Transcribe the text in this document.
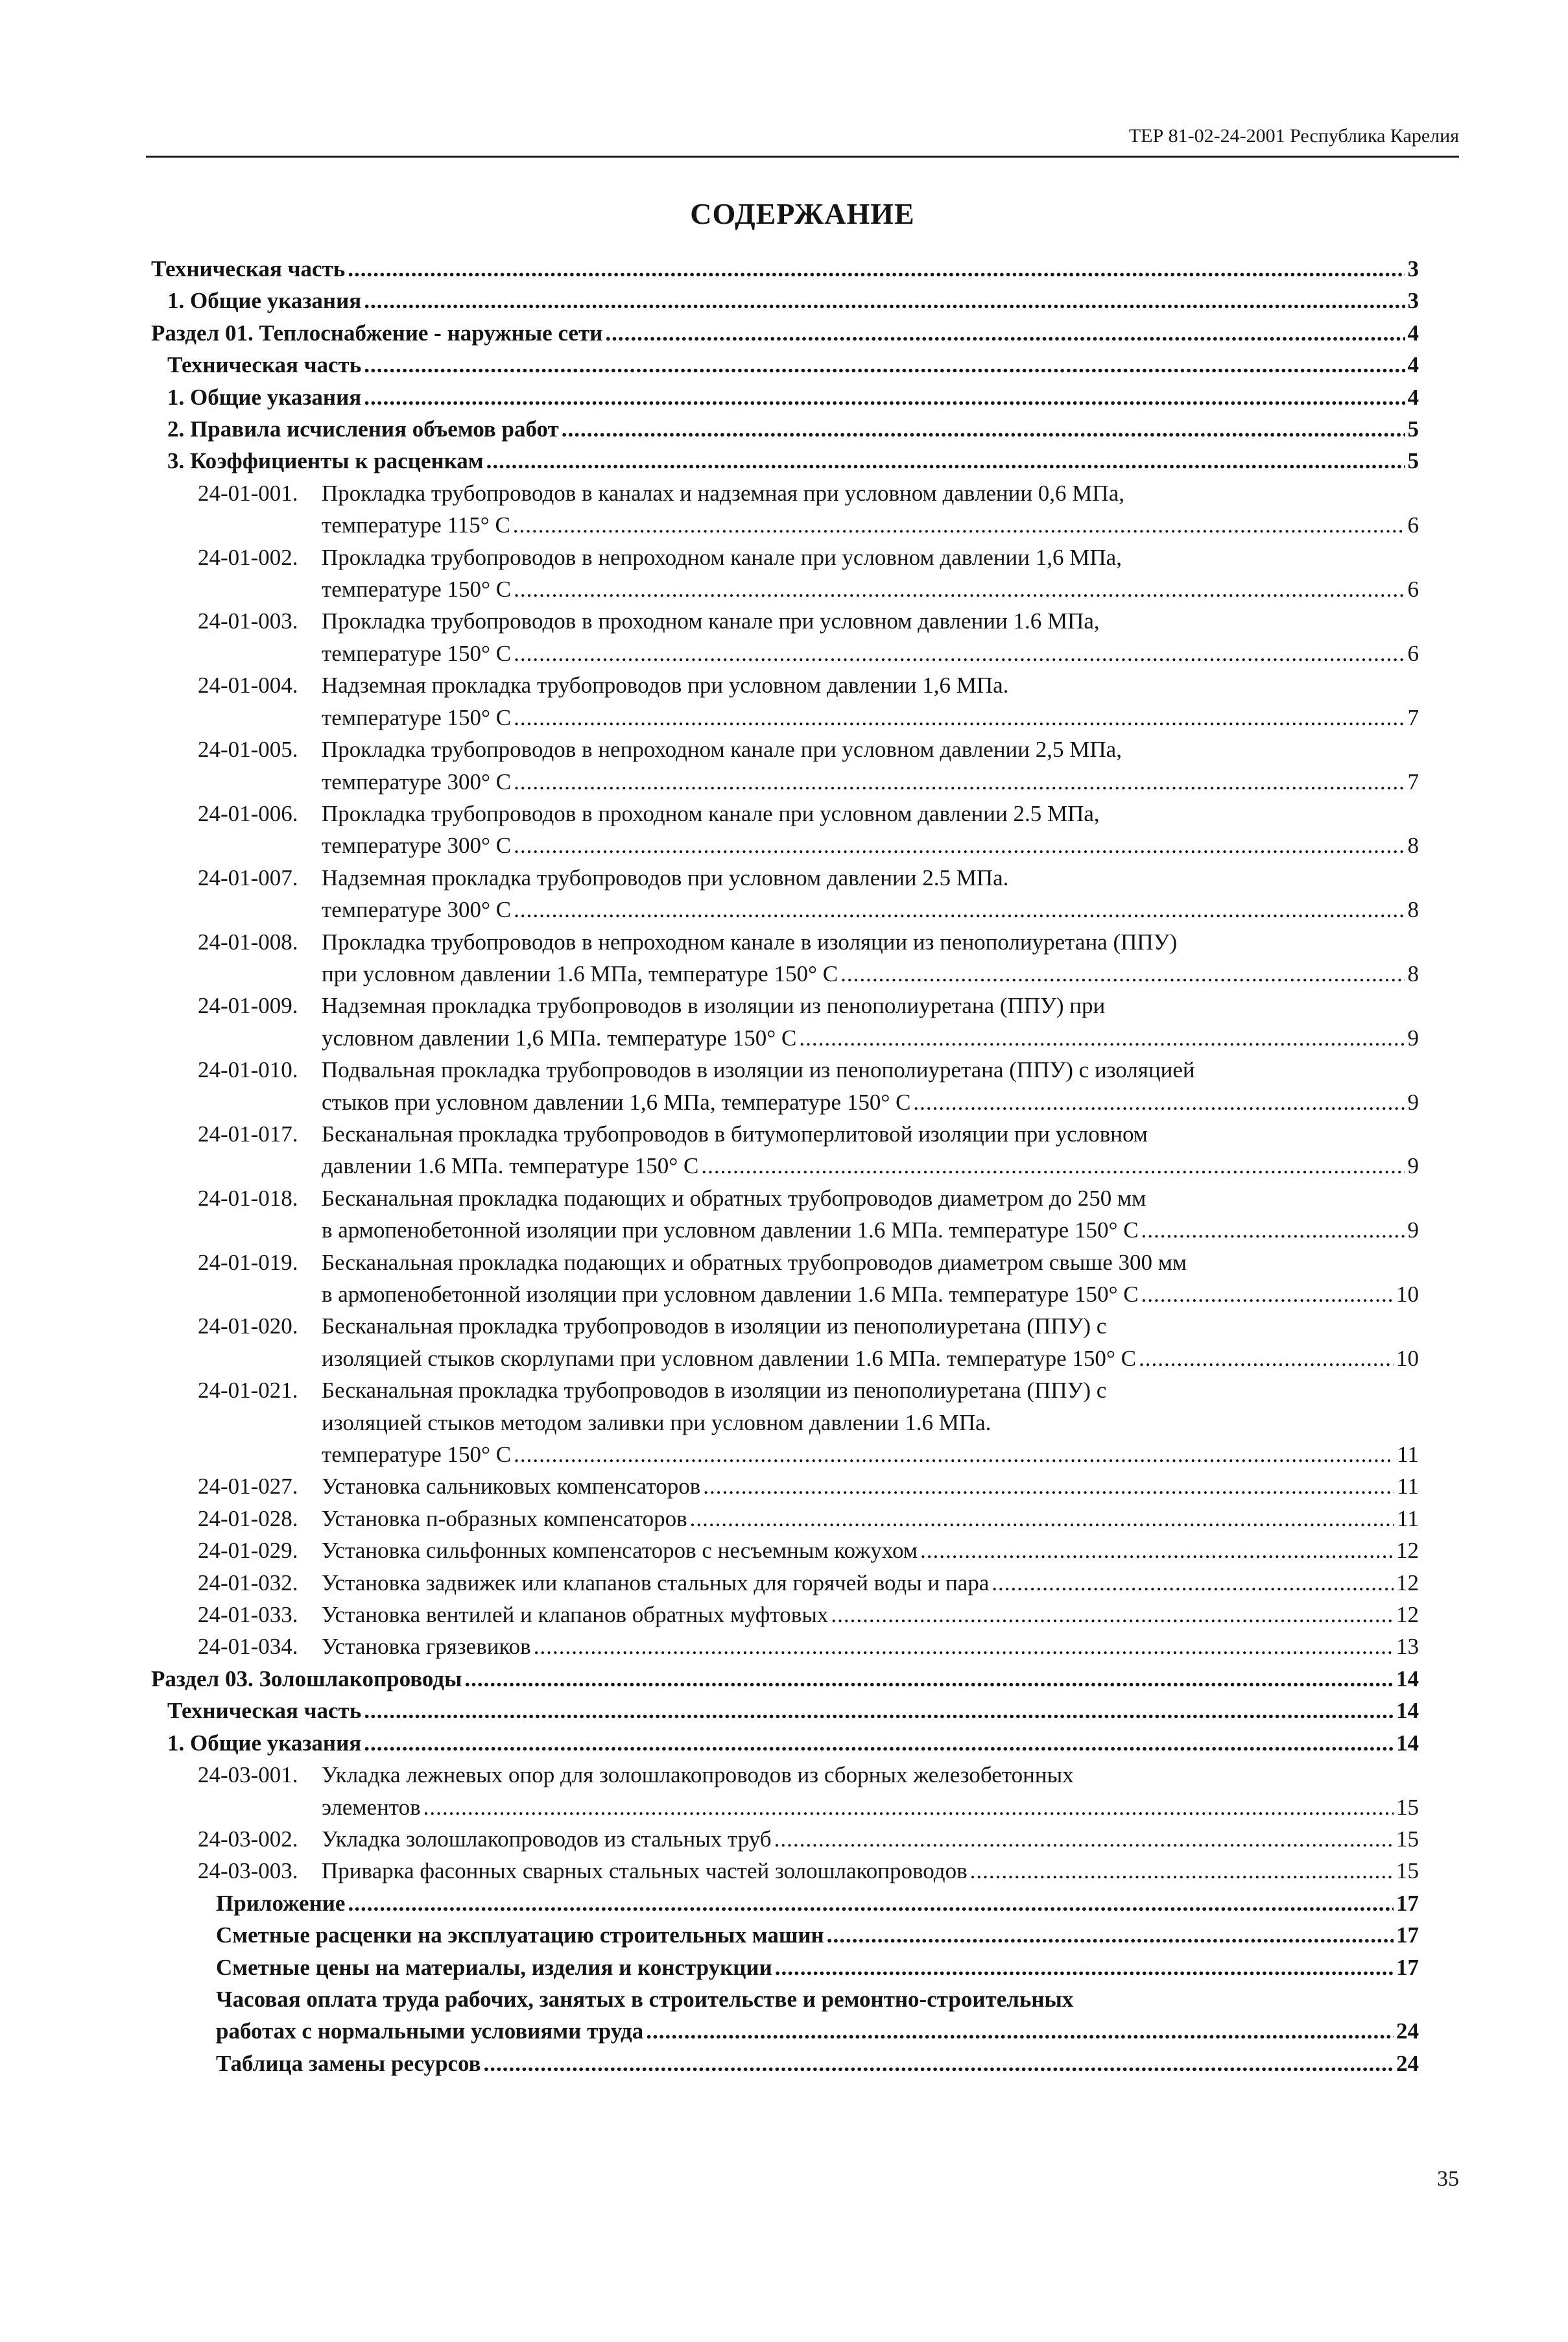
ТЕР 81-02-24-2001 Республика Карелия
СОДЕРЖАНИЕ
Техническая часть .....	3
1. Общие указания .....	3
Раздел 01. Теплоснабжение - наружные сети .....	4
Техническая часть .....	4
1. Общие указания .....	4
2. Правила исчисления объемов работ .....	5
3. Коэффициенты к расценкам .....	5
24-01-001.	Прокладка трубопроводов в каналах и надземная при условном давлении 0,6 МПа,
температуре 115° С .....	6
24-01-002.	Прокладка трубопроводов в непроходном канале при условном давлении 1,6 МПа,
температуре 150° С .....	6
24-01-003.	Прокладка трубопроводов в проходном канале при условном давлении 1.6 МПа,
температуре 150° С .....	6
24-01-004.	Надземная прокладка трубопроводов при условном давлении 1,6 МПа.
температуре 150° С .....	7
24-01-005.	Прокладка трубопроводов в непроходном канале при условном давлении 2,5 МПа,
температуре 300° С .....	7
24-01-006.	Прокладка трубопроводов в проходном канале при условном давлении 2.5 МПа,
температуре 300° С .....	8
24-01-007.	Надземная прокладка трубопроводов при условном давлении 2.5 МПа.
температуре 300° С .....	8
24-01-008.	Прокладка трубопроводов в непроходном канале в изоляции из пенополиуретана (ППУ)
при условном давлении 1.6 МПа, температуре 150° С .....	8
24-01-009.	Надземная прокладка трубопроводов в изоляции из пенополиуретана (ППУ) при
условном давлении 1,6 МПа. температуре 150° С .....	9
24-01-010.	Подвальная прокладка трубопроводов в изоляции из пенополиуретана (ППУ) с изоляцией
стыков при условном давлении 1,6 МПа, температуре 150° С .....	9
24-01-017.	Бесканальная прокладка трубопроводов в битумоперлитовой изоляции при условном
давлении 1.6 МПа. температуре 150° С .....	9
24-01-018.	Бесканальная прокладка подающих и обратных трубопроводов диаметром до 250 мм
в армопенобетонной изоляции при условном давлении 1.6 МПа. температуре 150° С .....	9
24-01-019.	Бесканальная прокладка подающих и обратных трубопроводов диаметром свыше 300 мм
в армопенобетонной изоляции при условном давлении 1.6 МПа. температуре 150° С .....	10
24-01-020.	Бесканальная прокладка трубопроводов в изоляции из пенополиуретана (ППУ) с
изоляцией стыков скорлупами при условном давлении 1.6 МПа. температуре 150° С .....	10
24-01-021.	Бесканальная прокладка трубопроводов в изоляции из пенополиуретана (ППУ) с
изоляцией стыков методом заливки при условном давлении 1.6 МПа.
температуре 150° С .....	11
24-01-027.	Установка сальниковых компенсаторов .....	11
24-01-028.	Установка п-образных компенсаторов .....	11
24-01-029.	Установка сильфонных компенсаторов с несъемным кожухом .....	12
24-01-032.	Установка задвижек или клапанов стальных для горячей воды и пара .....	12
24-01-033.	Установка вентилей и клапанов обратных муфтовых .....	12
24-01-034.	Установка грязевиков .....	13
Раздел 03. Золошлакопроводы .....	14
Техническая часть .....	14
1. Общие указания .....	14
24-03-001.	Укладка лежневых опор для золошлакопроводов из сборных железобетонных
элементов .....	15
24-03-002.	Укладка золошлакопроводов из стальных труб .....	15
24-03-003.	Приварка фасонных сварных стальных частей золошлакопроводов .....	15
Приложение .....	17
Сметные расценки на эксплуатацию строительных машин .....	17
Сметные цены на материалы, изделия и конструкции .....	17
Часовая оплата труда рабочих, занятых в строительстве и ремонтно-строительных
работах с нормальными условиями труда .....	24
Таблица замены ресурсов .....	24
35
